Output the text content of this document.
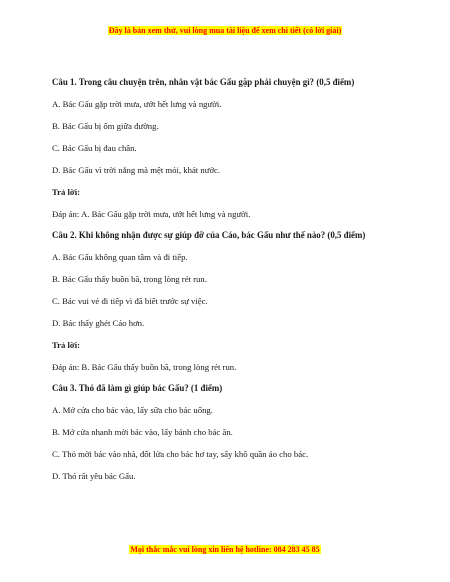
Đây là bản xem thử, vui lòng mua tài liệu để xem chi tiết (có lời giải)

Câu 1. Trong câu chuyện trên, nhân vật bác Gấu gặp phải chuyện gì? (0,5 điểm)

A. Bác Gấu gặp trời mưa, ướt hết lưng và người.

B. Bác Gấu bị ốm giữa đường.

C. Bác Gấu bị đau chân.

D. Bác Gấu vì trời nắng mà mệt mỏi, khát nước.

Trả lời:

Đáp án: A. Bác Gấu gặp trời mưa, ướt hết lưng và người.

Câu 2. Khi không nhận được sự giúp đỡ của Cáo, bác Gấu như thế nào? (0,5 điểm)

A. Bác Gấu không quan tâm và đi tiếp.

B. Bác Gấu thấy buồn bã, trong lòng rét run.

C. Bác vui vẻ đi tiếp vì đã biết trước sự việc.

D. Bác thấy ghét Cáo hơn.

Trả lời:

Đáp án: B. Bác Gấu thấy buồn bã, trong lòng rét run.

Câu 3. Thỏ đã làm gì giúp bác Gấu? (1 điểm)

A. Mở cửa cho bác vào, lấy sữa cho bác uống.

B. Mở cửa nhanh mời bác vào, lấy bánh cho bác ăn.

C. Thỏ mời bác vào nhà, đốt lửa cho bác hơ tay, sấy khô quần áo cho bác.

D. Thỏ rất yêu bác Gấu.

Mọi thắc mắc vui lòng xin liên hệ hotline: 084 283 45 85
